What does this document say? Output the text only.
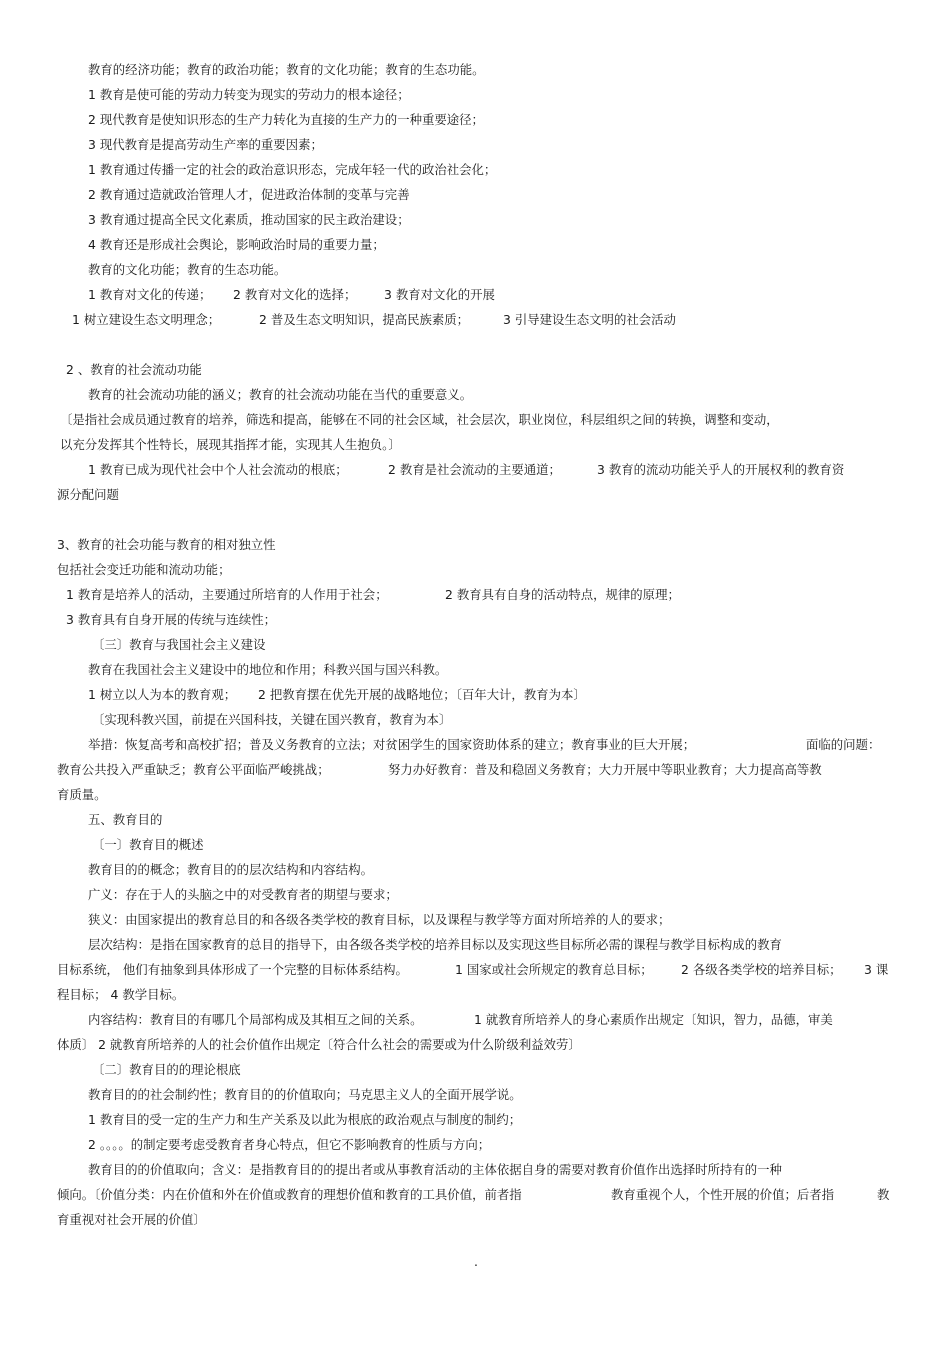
教育的经济功能；教育的政治功能；教育的文化功能；教育的生态功能。
1 教育是使可能的劳动力转变为现实的劳动力的根本途径；
2 现代教育是使知识形态的生产力转化为直接的生产力的一种重要途径；
3 现代教育是提高劳动生产率的重要因素；
1 教育通过传播一定的社会的政治意识形态，完成年轻一代的政治社会化；
2 教育通过造就政治管理人才，促进政治体制的变革与完善
3 教育通过提高全民文化素质，推动国家的民主政治建设；
4 教育还是形成社会舆论，影响政治时局的重要力量；
教育的文化功能；教育的生态功能。
1 教育对文化的传递； 2 教育对文化的选择； 3 教育对文化的开展
1 树立建设生态文明理念；	2 普及生态文明知识，提高民族素质；	3 引导建设生态文明的社会活动
2 、教育的社会流动功能
教育的社会流动功能的涵义；教育的社会流动功能在当代的重要意义。
〔是指社会成员通过教育的培养，筛选和提高，能够在不同的社会区域，社会层次，职业岗位，科层组织之间的转换，调整和变动，
以充分发挥其个性特长，展现其指挥才能，实现其人生抱负。〕
1 教育已成为现代社会中个人社会流动的根底；	2 教育是社会流动的主要通道；	3 教育的流动功能关乎人的开展权利的教育资
源分配问题
3、教育的社会功能与教育的相对独立性
包括社会变迁功能和流动功能；
1 教育是培养人的活动，主要通过所培育的人作用于社会；	2 教育具有自身的活动特点，规律的原理；
3 教育具有自身开展的传统与连续性；
〔三〕教育与我国社会主义建设
教育在我国社会主义建设中的地位和作用；科教兴国与国兴科教。
1 树立以人为本的教育观； 2 把教育摆在优先开展的战略地位；〔百年大计，教育为本〕
〔实现科教兴国，前提在兴国科技，关键在国兴教育，教育为本〕
举措：恢复高考和高校扩招；普及义务教育的立法；对贫困学生的国家资助体系的建立；教育事业的巨大开展；	面临的问题：
教育公共投入严重缺乏；教育公平面临严峻挑战；	努力办好教育：普及和稳固义务教育；大力开展中等职业教育；大力提高高等教
育质量。
五、教育目的
〔一〕教育目的概述
教育目的的概念；教育目的的层次结构和内容结构。
广义：存在于人的头脑之中的对受教育者的期望与要求；
狭义：由国家提出的教育总目的和各级各类学校的教育目标，以及课程与教学等方面对所培养的人的要求；
层次结构：是指在国家教育的总目的指导下，由各级各类学校的培养目标以及实现这些目标所必需的课程与教学目标构成的教育
目标系统， 他们有抽象到具体形成了一个完整的目标体系结构。	1 国家或社会所规定的教育总目标； 2 各级各类学校的培养目标； 3 课
程目标； 4 教学目标。
内容结构：教育目的有哪几个局部构成及其相互之间的关系。	1 就教育所培养人的身心素质作出规定〔知识，智力，品德，审美
体质〕 2 就教育所培养的人的社会价值作出规定〔符合什么社会的需要或为什么阶级利益效劳〕
〔二〕教育目的的理论根底
教育目的的社会制约性；教育目的的价值取向；马克思主义人的全面开展学说。
1 教育目的受一定的生产力和生产关系及以此为根底的政治观点与制度的制约；
2 。。。。的制定要考虑受教育者身心特点，但它不影响教育的性质与方向；
教育目的的价值取向；含义：是指教育目的的提出者或从事教育活动的主体依据自身的需要对教育价值作出选择时所持有的一种
倾向。〔价值分类：内在价值和外在价值或教育的理想价值和教育的工具价值，前者指	教育重视个人，个性开展的价值；后者指	教
育重视对社会开展的价值〕
.
